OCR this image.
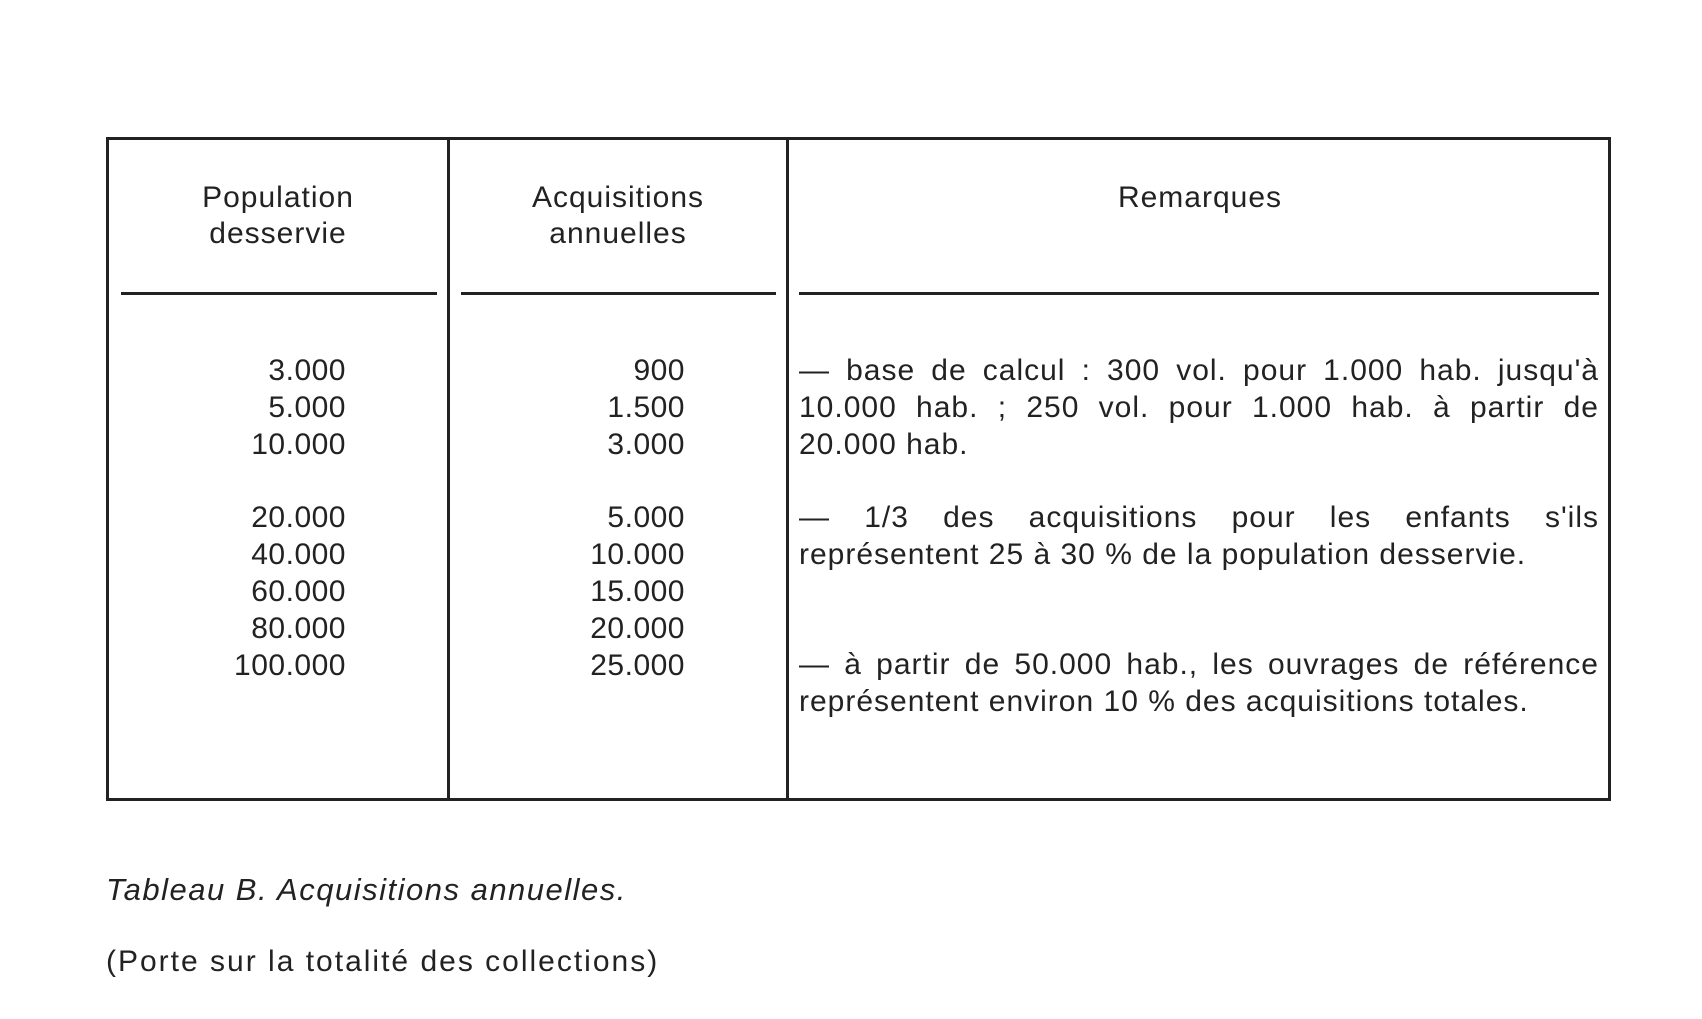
Population
desservie
Acquisitions
annuelles
Remarques
3.000
5.000
10.000
20.000
40.000
60.000
80.000
100.000
900
1.500
3.000
5.000
10.000
15.000
20.000
25.000
— base de calcul : 300 vol. pour 1.000 hab. jusqu'à 10.000 hab. ; 250 vol. pour 1.000 hab. à partir de 20.000 hab.
— 1/3 des acquisitions pour les enfants s'ils représentent 25 à 30 % de la population desservie.
— à partir de 50.000 hab., les ouvrages de référence représentent environ 10 % des acquisitions totales.
Tableau B. Acquisitions annuelles.
(Porte sur la totalité des collections)
